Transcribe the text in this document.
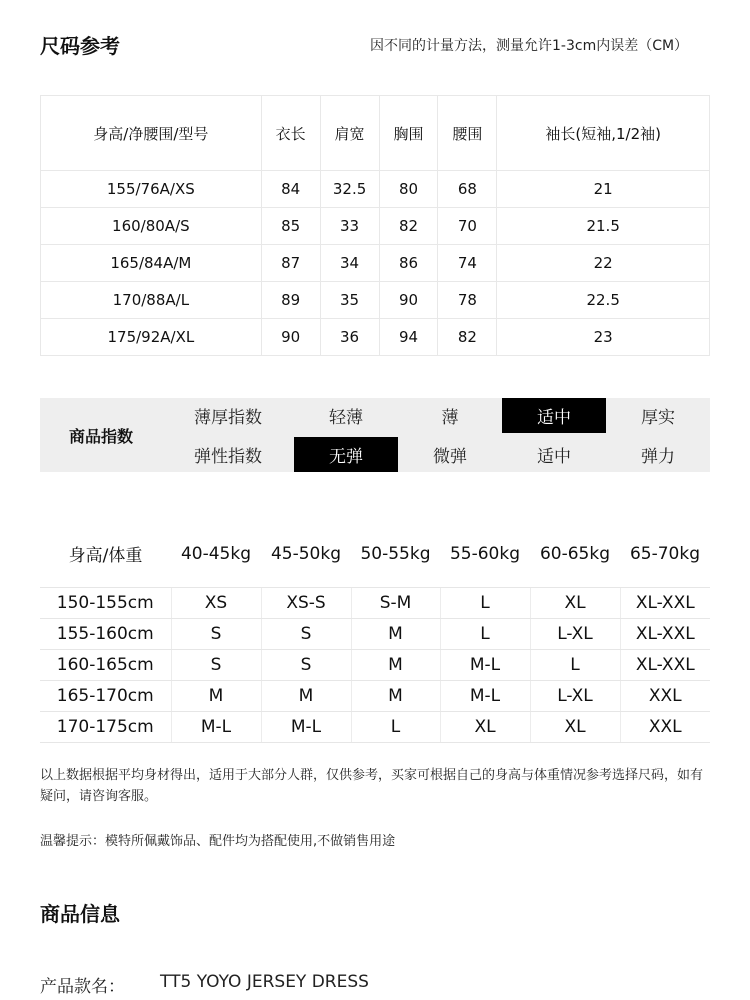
尺码参考	因不同的计量方法，测量允许1-3cm内误差（CM）
身高/净腰围/型号	衣长	肩宽	胸围	腰围	袖长(短袖,1/2袖)
155/76A/XS	84	32.5	80	68	21
160/80A/S	85	33	82	70	21.5
165/84A/M	87	34	86	74	22
170/88A/L	89	35	90	78	22.5
175/92A/XL	90	36	94	82	23
商品指数
薄厚指数	轻薄	薄	适中	厚实
弹性指数	无弹	微弹	适中	弹力
身高/体重	40-45kg	45-50kg	50-55kg	55-60kg	60-65kg	65-70kg
150-155cm	XS	XS-S	S-M	L	XL	XL-XXL
155-160cm	S	S	M	L	L-XL	XL-XXL
160-165cm	S	S	M	M-L	L	XL-XXL
165-170cm	M	M	M	M-L	L-XL	XXL
170-175cm	M-L	M-L	L	XL	XL	XXL
以上数据根据平均身材得出，适用于大部分人群，仅供参考，买家可根据自己的身高与体重情况参考选择尺码，如有疑问，请咨询客服。
温馨提示：模特所佩戴饰品、配件均为搭配使用,不做销售用途
商品信息
产品款名： TT5 YOYO JERSEY DRESS
